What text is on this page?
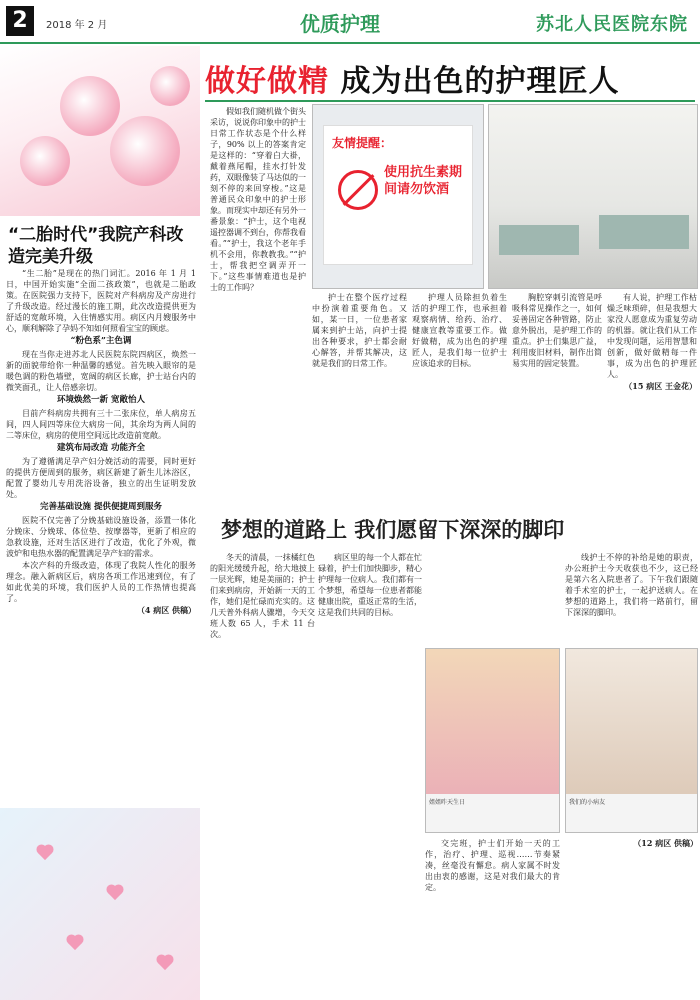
2	2018 年 2 月	优质护理	苏北人民医院东院
“二胎时代”我院产科改造完美升级

“生二胎”是现在的热门词汇。2016 年 1 月 1 日，中国开始实施“全面二孩政策”，也就是二胎政策。在医院强力支持下，医院对产科病房及产房进行了升级改造。经过漫长的施工期，此次改造提供更为舒适的宽敞环境，入住情感实用。病区内月嫂服务中心，顺利解除了孕妈不知如何照看宝宝的顾虑。

“粉色系”主色调

现在当你走进苏北人民医院东院四病区，焕然一新的面貌带给你一种温馨的感觉。首先映入眼帘的是暖色调的粉色墙壁，宽阔的病区长廊，护士站台内的微笑面孔，让人倍感亲切。

环境焕然一新 宽敞怡人

目前产科病房共拥有三十二张床位，单人病房五间，四人间四等床位大病房一间，其余均为两人间的二等床位，病房的使用空间远比改造前宽敞。

建筑布局改造 功能齐全

为了遵循满足孕产妇分娩活动的需要，同时更好的提供方便周到的服务，病区新建了新生儿沐浴区，配置了婴幼儿专用洗浴设备，独立的出生证明发放处。

完善基础设施 提供便捷周到服务

医院不仅完善了分娩基础设施设备，添置一体化分娩床、分娩球、体位垫、按摩器等，更新了相应的急救设施，还对生活区进行了改造，优化了外观，微波炉和电热水器的配置满足孕产妇的需求。

本次产科的升级改造，体现了我院人性化的服务理念。融入新病区后，病房各项工作迅速到位，有了如此优美的环境，我们医护人员的工作热情也提高了。

（4 病区 供稿）

做好做精 成为出色的护理匠人

假如我们随机做个街头采访，说说你印象中的护士日常工作状态是个什么样子，90% 以上的答案肯定是这样的：“穿着白大褂，戴着燕尾帽，挂水打针发药，双眼像装了马达似的一刻不停的来回穿梭。”这是普通民众印象中的护士形象。而现实中却还有另外一番景象：“护士，这个电视遥控器调不到台，你帮我看看。”“护士，我这个老年手机不会用，你教教我。”“护士，帮我把空调弄开一下。”这些事情难道也是护士的工作吗？

友情提醒：
使用抗生素期间请勿饮酒

护士在整个医疗过程中扮演着重要角色。又如，某一日，一位患者家属来到护士站，向护士提出各种要求，护士都会耐心解答，并帮其解决，这就是我们的日常工作。

护理人员除担负着生活的护理工作，也承担着观察病情、给药、治疗、健康宣教等重要工作。做好做精，成为出色的护理匠人，是我们每一位护士应该追求的目标。

胸腔穿刺引流管是呼吸科常见操作之一，如何妥善固定各种管路，防止意外脱出，是护理工作的重点。护士们集思广益，利用废旧材料，制作出简易实用的固定装置。

有人说，护理工作枯燥乏味琐碎，但是我想大家没人愿意成为重复劳动的机器。就让我们从工作中发现问题，运用智慧和创新，做好做精每一件事，成为出色的护理匠人。

（15 病区 王金花）

梦想的道路上 我们愿留下深深的脚印

冬天的清晨，一抹橘红色的阳光缓缓升起，给大地披上一层光辉，她是美丽的；护士们来到病房，开始新一天的工作，她们是忙碌而充实的。这几天普外科病人骤增，今天交班人数 65 人，手术 11 台次。

病区里的每一个人都在忙碌着，护士们加快脚步，精心护理每一位病人。我们都有一个梦想，希望每一位患者都能健康出院，重返正常的生活，这是我们共同的目标。

交完班，护士们开始一天的工作，治疗、护理、巡视……节奏紧凑，丝毫没有懈怠。病人家属不时发出由衷的感谢，这是对我们最大的肯定。

姐姐昨天生日	我们的小病友

线护士不停的补给是她的职责，办公班护士今天收获也不少，这已经是第六名入院患者了。下午我们跟随着手术室的护士，一起护送病人。在梦想的道路上，我们将一路前行，留下深深的脚印。

（12 病区 供稿）
